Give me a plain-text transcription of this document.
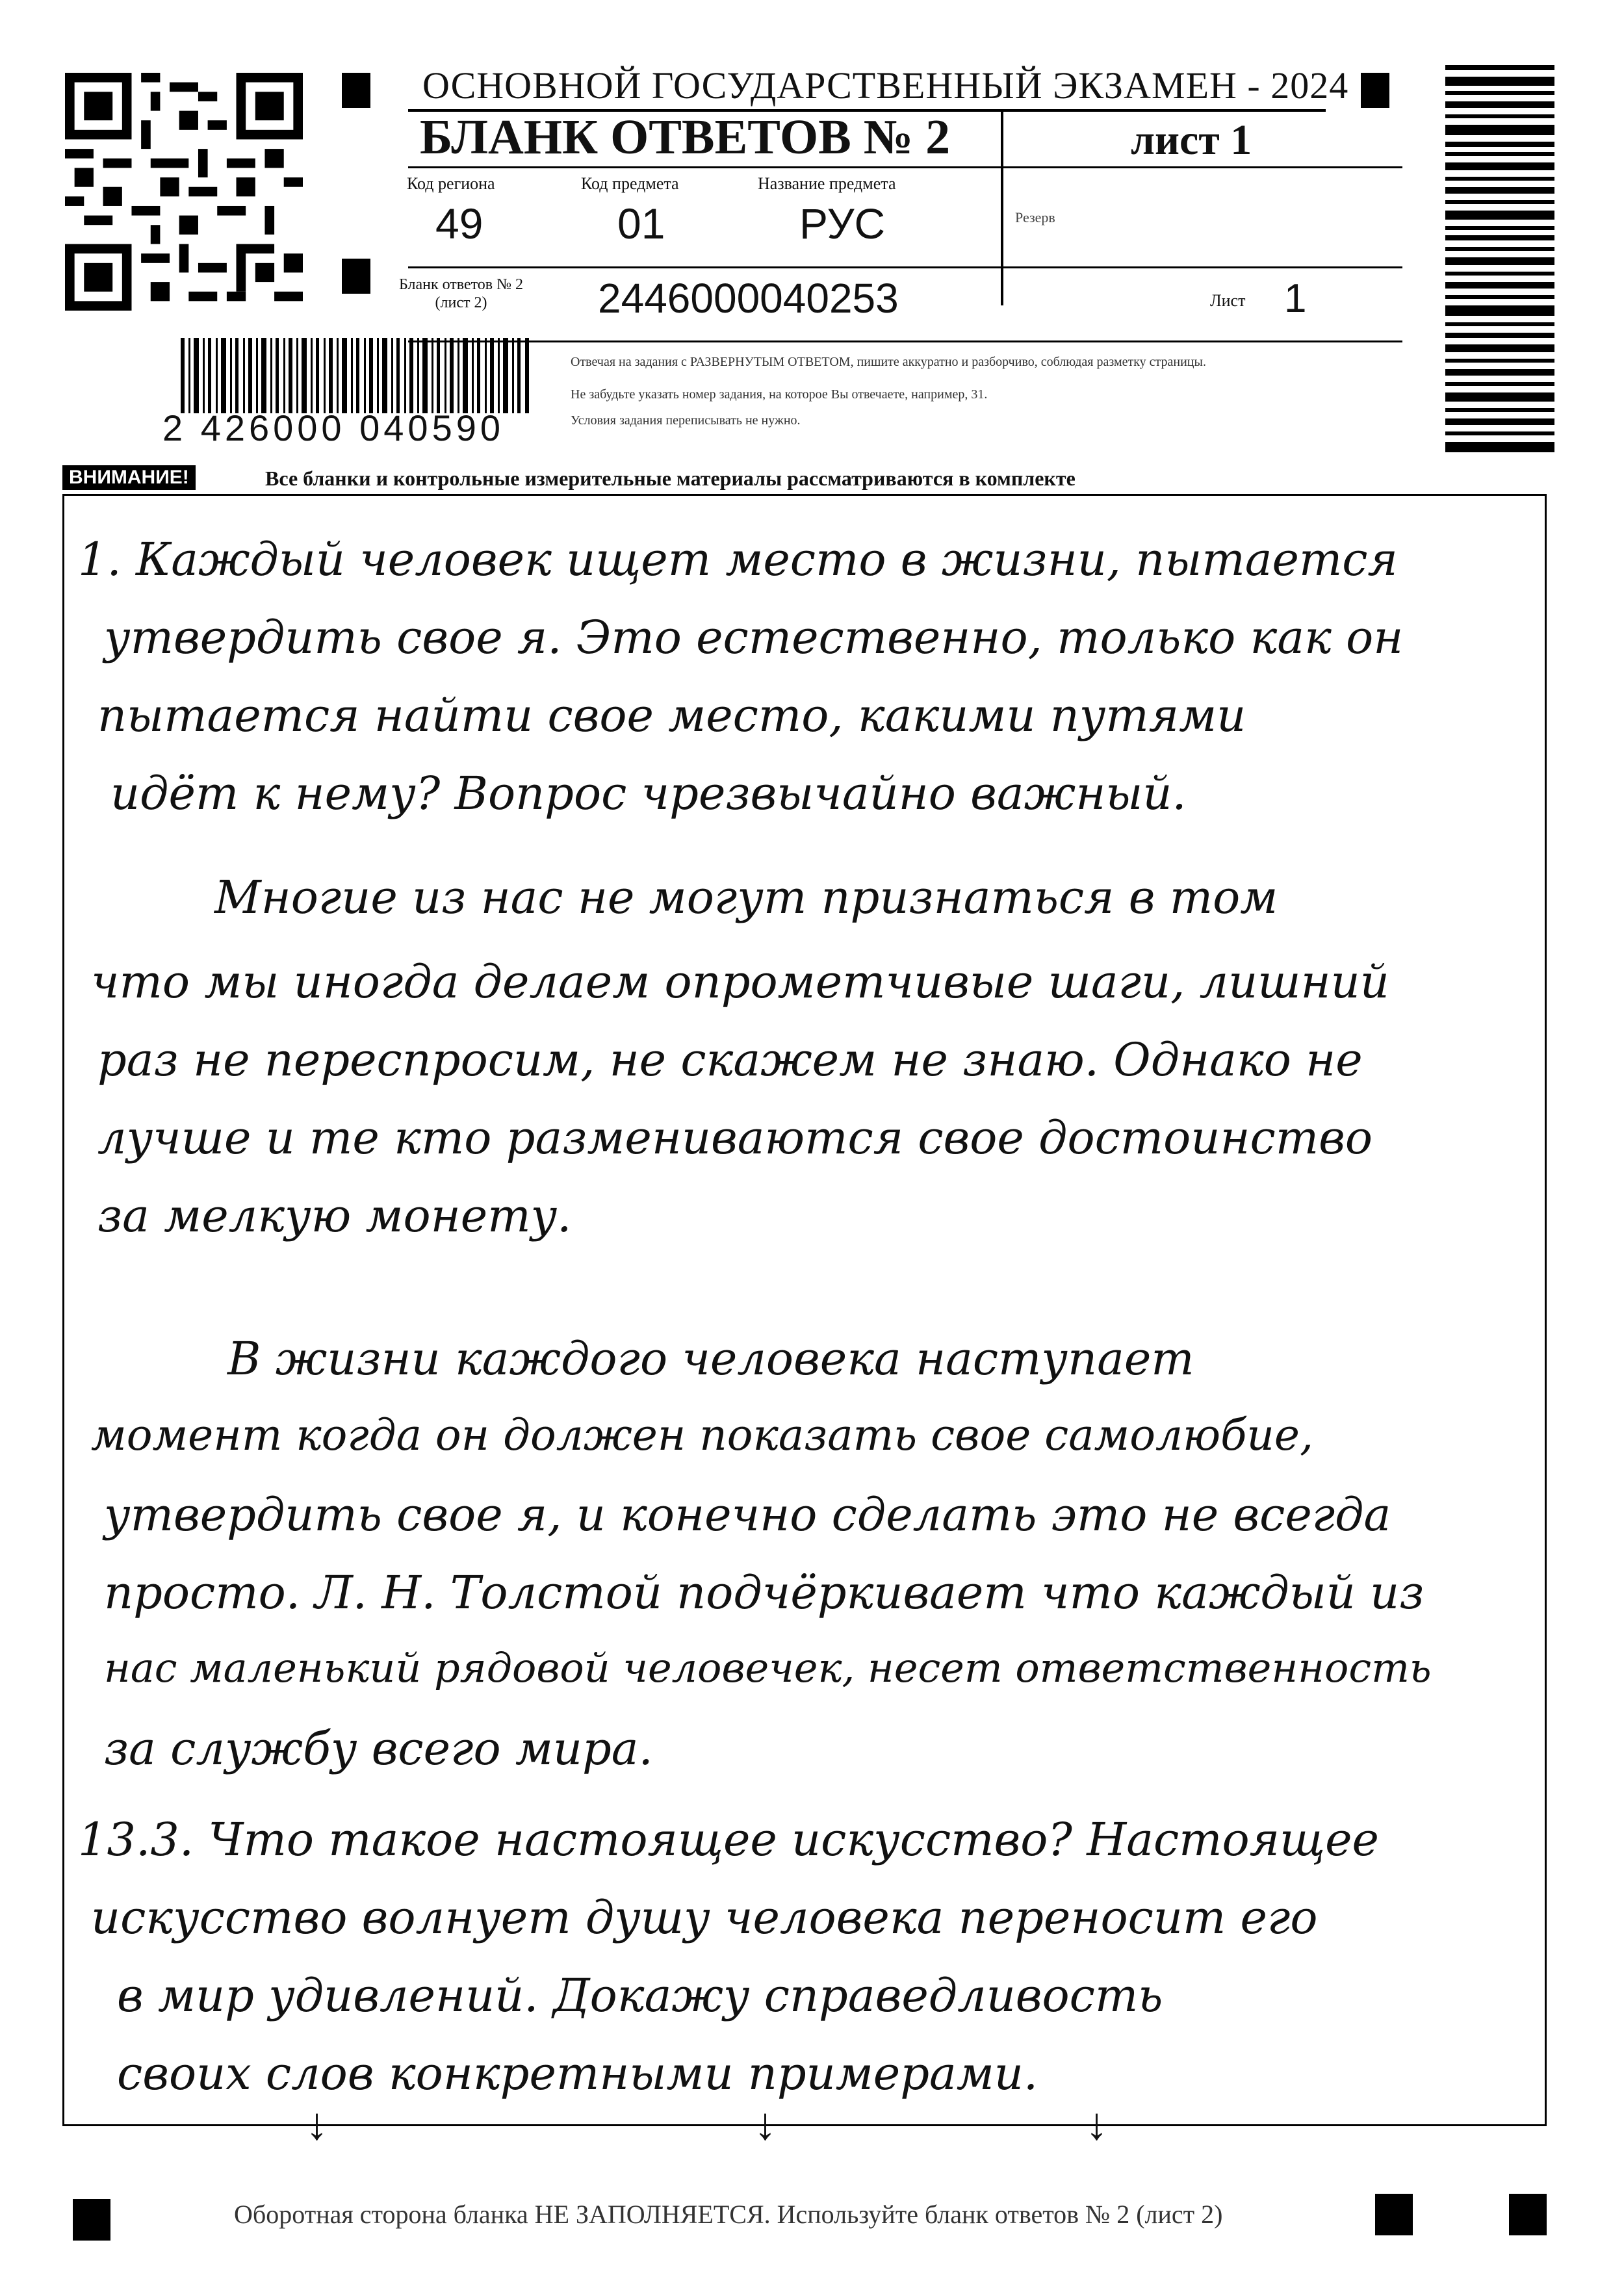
ОСНОВНОЙ ГОСУДАРСТВЕННЫЙ ЭКЗАМЕН - 2024
БЛАНК ОТВЕТОВ № 2	лист 1
Код региона
49
Код предмета
01
Название предмета
РУС	Резерв
Бланк ответов № 2
(лист 2)	2446000040253	Лист 1
Отвечая на задания с РАЗВЕРНУТЫМ ОТВЕТОМ, пишите аккуратно и разборчиво, соблюдая разметку страницы.
Не забудьте указать номер задания, на которое Вы отвечаете, например, 31.
Условия задания переписывать не нужно.
2 426000 040590
ВНИМАНИЕ!	Все бланки и контрольные измерительные материалы рассматриваются в комплекте
1. Каждый человек ищет место в жизни, пытается
утвердить свое я. Это естественно, только как он
пытается найти свое место, какими путями
идёт к нему? Вопрос чрезвычайно важный.
Многие из нас не могут признаться в том
что мы иногда делаем опрометчивые шаги, лишний
раз не переспросим, не скажем не знаю. Однако не
лучше и те кто размениваются свое достоинство
за мелкую монету.
В жизни каждого человека наступает
момент когда он должен показать свое самолюбие,
утвердить свое я, и конечно сделать это не всегда
просто. Л. Н. Толстой подчёркивает что каждый из
нас маленький рядовой человечек, несет ответственность
за службу всего мира.
13.3. Что такое настоящее искусство? Настоящее
искусство волнует душу человека переносит его
в мир удивлений. Докажу справедливость
своих слов конкретными примерами.
↓	↓	↓
Оборотная сторона бланка НЕ ЗАПОЛНЯЕТСЯ. Используйте бланк ответов № 2 (лист 2)
